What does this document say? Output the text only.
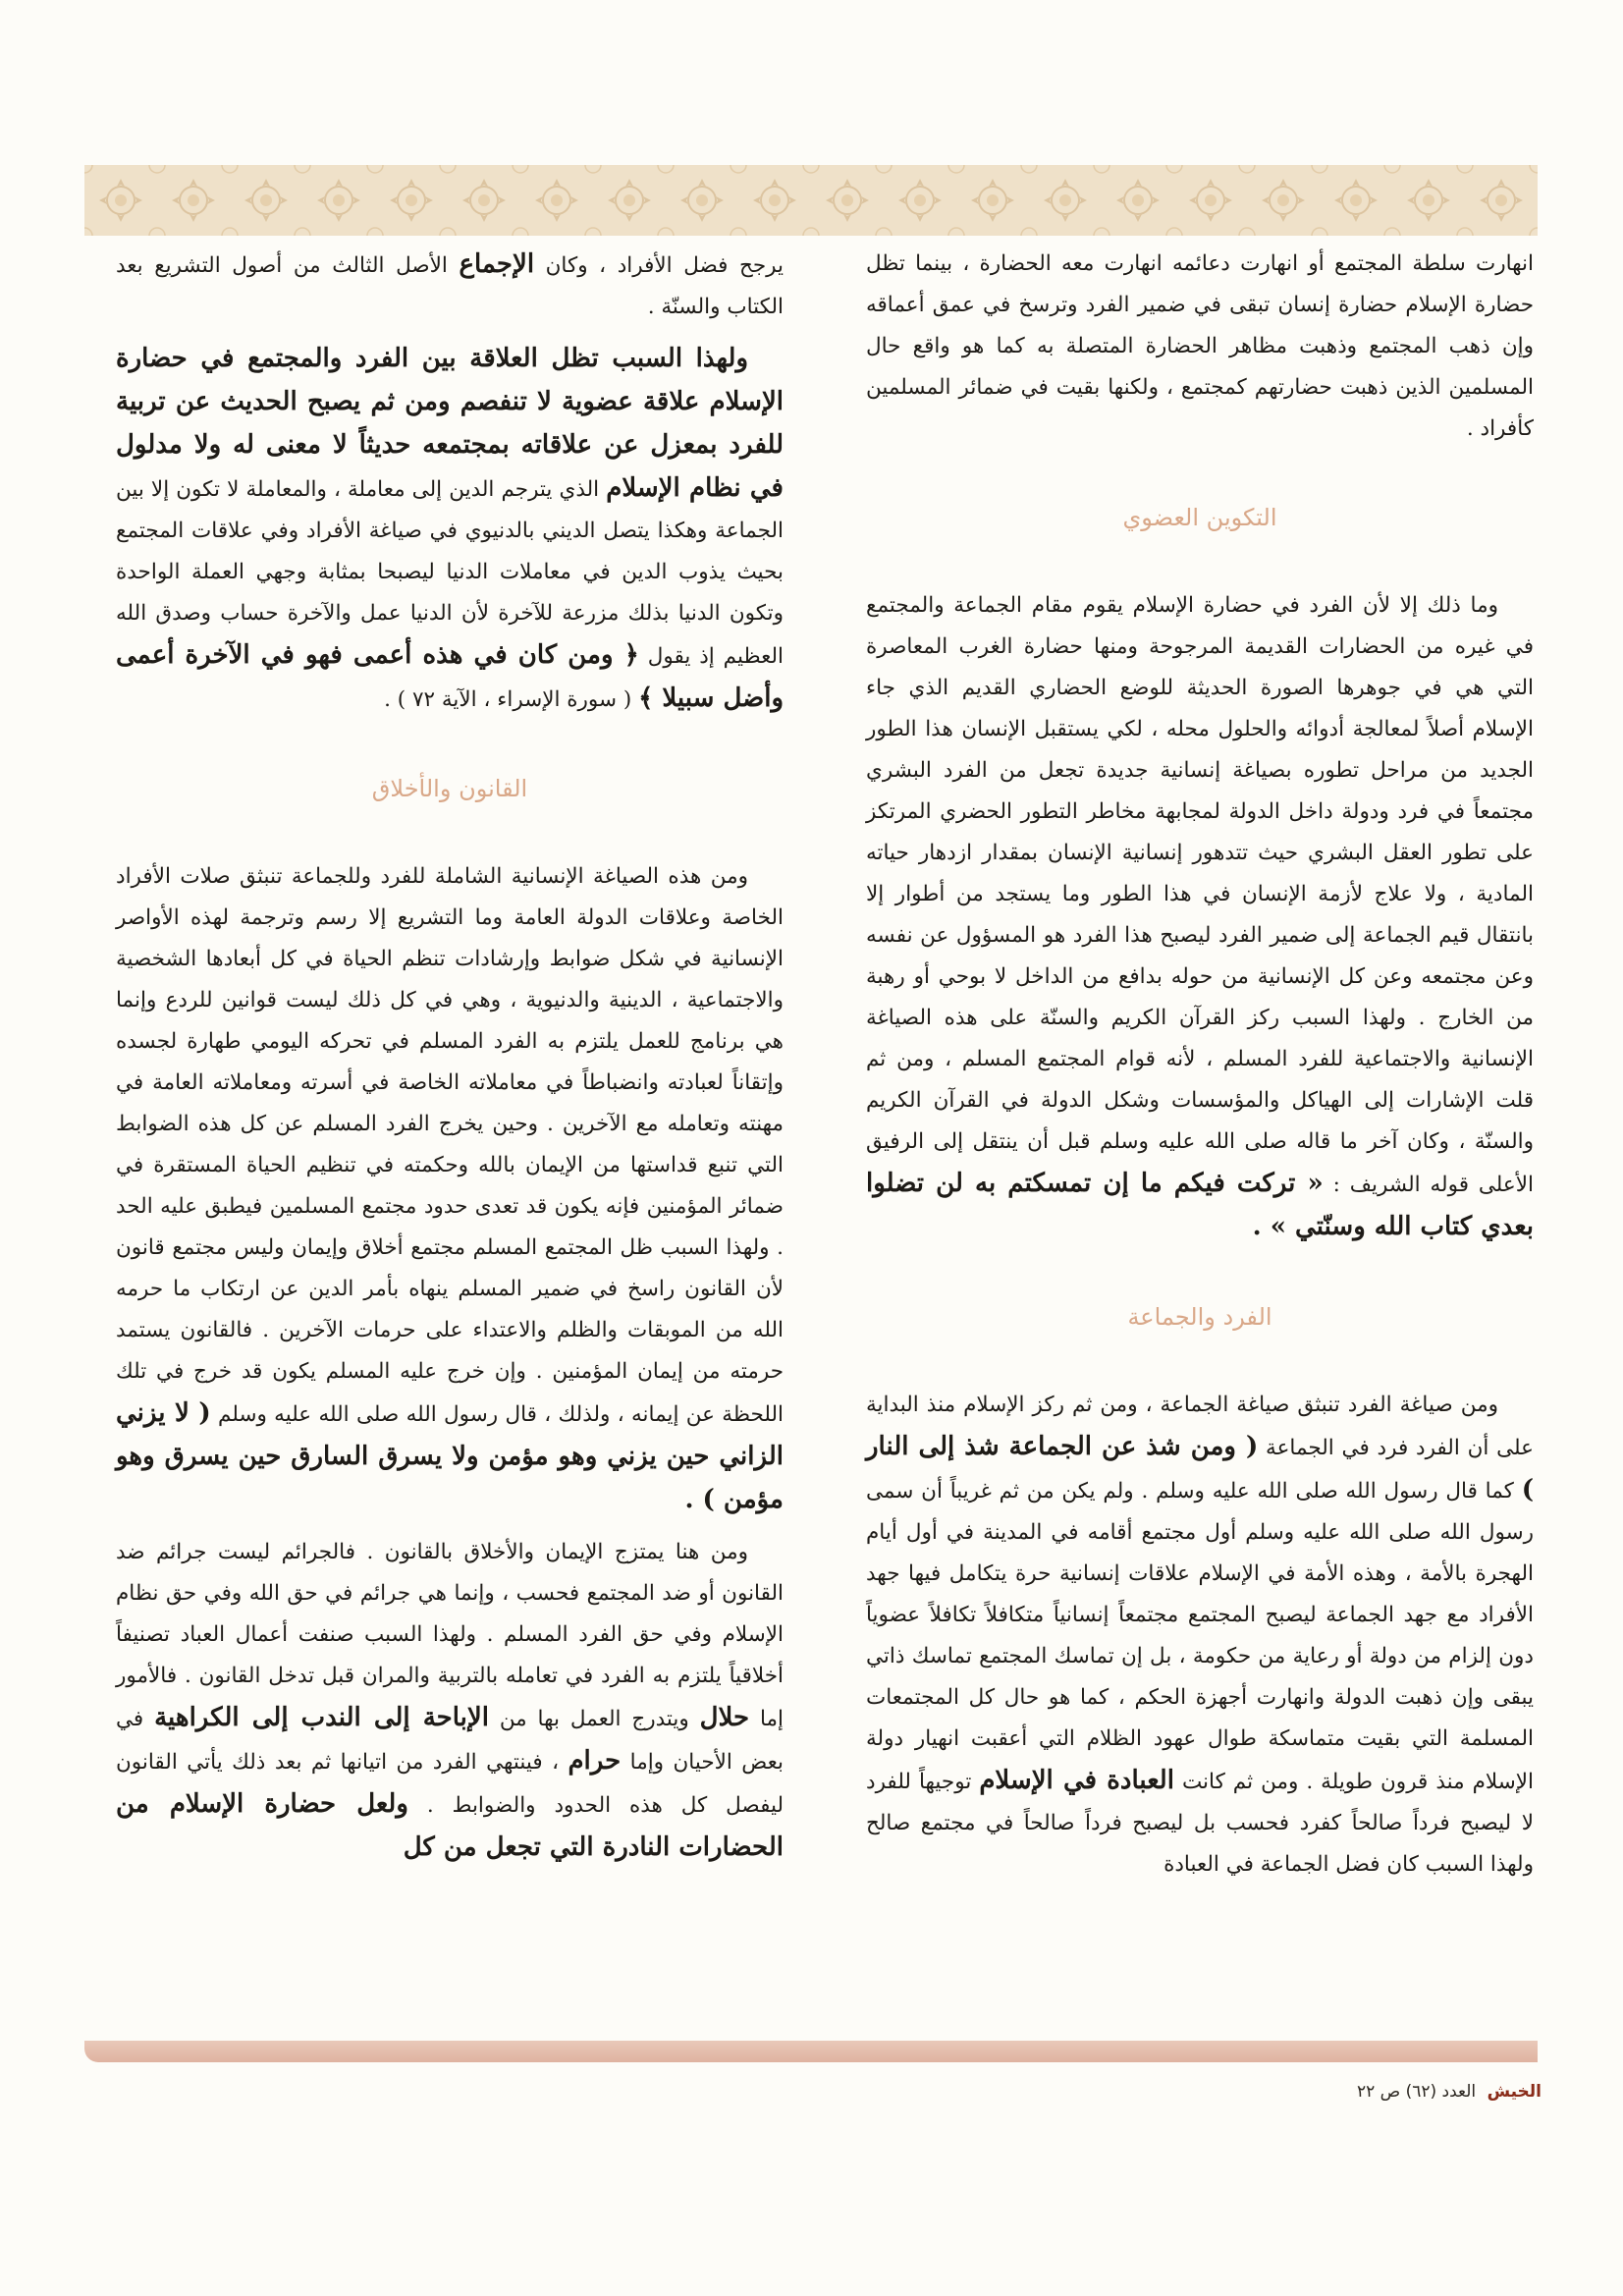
انهارت سلطة المجتمع أو انهارت دعائمه انهارت معه الحضارة ، بينما تظل حضارة الإسلام حضارة إنسان تبقى في ضمير الفرد وترسخ في عمق أعماقه وإن ذهب المجتمع وذهبت مظاهر الحضارة المتصلة به كما هو واقع حال المسلمين الذين ذهبت حضارتهم كمجتمع ، ولكنها بقيت في ضمائر المسلمين كأفراد .

التكوين العضوي

وما ذلك إلا لأن الفرد في حضارة الإسلام يقوم مقام الجماعة والمجتمع في غيره من الحضارات القديمة المرجوحة ومنها حضارة الغرب المعاصرة التي هي في جوهرها الصورة الحديثة للوضع الحضاري القديم الذي جاء الإسلام أصلاً لمعالجة أدوائه والحلول محله ، لكي يستقبل الإنسان هذا الطور الجديد من مراحل تطوره بصياغة إنسانية جديدة تجعل من الفرد البشري مجتمعاً في فرد ودولة داخل الدولة لمجابهة مخاطر التطور الحضري المرتكز على تطور العقل البشري حيث تتدهور إنسانية الإنسان بمقدار ازدهار حياته المادية ، ولا علاج لأزمة الإنسان في هذا الطور وما يستجد من أطوار إلا بانتقال قيم الجماعة إلى ضمير الفرد ليصبح هذا الفرد هو المسؤول عن نفسه وعن مجتمعه وعن كل الإنسانية من حوله بدافع من الداخل لا بوحي أو رهبة من الخارج . ولهذا السبب ركز القرآن الكريم والسنّة على هذه الصياغة الإنسانية والاجتماعية للفرد المسلم ، لأنه قوام المجتمع المسلم ، ومن ثم قلت الإشارات إلى الهياكل والمؤسسات وشكل الدولة في القرآن الكريم والسنّة ، وكان آخر ما قاله صلى الله عليه وسلم قبل أن ينتقل إلى الرفيق الأعلى قوله الشريف : « تركت فيكم ما إن تمسكتم به لن تضلوا بعدي كتاب الله وسنّتي » .

الفرد والجماعة

ومن صياغة الفرد تنبثق صياغة الجماعة ، ومن ثم ركز الإسلام منذ البداية على أن الفرد فرد في الجماعة ( ومن شذ عن الجماعة شذ إلى النار ) كما قال رسول الله صلى الله عليه وسلم . ولم يكن من ثم غريباً أن سمى رسول الله صلى الله عليه وسلم أول مجتمع أقامه في المدينة في أول أيام الهجرة بالأمة ، وهذه الأمة في الإسلام علاقات إنسانية حرة يتكامل فيها جهد الأفراد مع جهد الجماعة ليصبح المجتمع مجتمعاً إنسانياً متكافلاً تكافلاً عضوياً دون إلزام من دولة أو رعاية من حكومة ، بل إن تماسك المجتمع تماسك ذاتي يبقى وإن ذهبت الدولة وانهارت أجهزة الحكم ، كما هو حال كل المجتمعات المسلمة التي بقيت متماسكة طوال عهود الظلام التي أعقبت انهيار دولة الإسلام منذ قرون طويلة . ومن ثم كانت العبادة في الإسلام توجيهاً للفرد لا ليصبح فرداً صالحاً كفرد فحسب بل ليصبح فرداً صالحاً في مجتمع صالح ولهذا السبب كان فضل الجماعة في العبادة

يرجح فضل الأفراد ، وكان الإجماع الأصل الثالث من أصول التشريع بعد الكتاب والسنّة .

ولهذا السبب تظل العلاقة بين الفرد والمجتمع في حضارة الإسلام علاقة عضوية لا تنفصم ومن ثم يصبح الحديث عن تربية للفرد بمعزل عن علاقاته بمجتمعه حديثاً لا معنى له ولا مدلول في نظام الإسلام الذي يترجم الدين إلى معاملة ، والمعاملة لا تكون إلا بين الجماعة وهكذا يتصل الديني بالدنيوي في صياغة الأفراد وفي علاقات المجتمع بحيث يذوب الدين في معاملات الدنيا ليصبحا بمثابة وجهي العملة الواحدة وتكون الدنيا بذلك مزرعة للآخرة لأن الدنيا عمل والآخرة حساب وصدق الله العظيم إذ يقول ﴿ ومن كان في هذه أعمى فهو في الآخرة أعمى وأضل سبيلا ﴾ ( سورة الإسراء ، الآية ٧٢ ) .

القانون والأخلاق

ومن هذه الصياغة الإنسانية الشاملة للفرد وللجماعة تنبثق صلات الأفراد الخاصة وعلاقات الدولة العامة وما التشريع إلا رسم وترجمة لهذه الأواصر الإنسانية في شكل ضوابط وإرشادات تنظم الحياة في كل أبعادها الشخصية والاجتماعية ، الدينية والدنيوية ، وهي في كل ذلك ليست قوانين للردع وإنما هي برنامج للعمل يلتزم به الفرد المسلم في تحركه اليومي طهارة لجسده وإتقاناً لعبادته وانضباطاً في معاملاته الخاصة في أسرته ومعاملاته العامة في مهنته وتعامله مع الآخرين . وحين يخرج الفرد المسلم عن كل هذه الضوابط التي تنبع قداستها من الإيمان بالله وحكمته في تنظيم الحياة المستقرة في ضمائر المؤمنين فإنه يكون قد تعدى حدود مجتمع المسلمين فيطبق عليه الحد . ولهذا السبب ظل المجتمع المسلم مجتمع أخلاق وإيمان وليس مجتمع قانون لأن القانون راسخ في ضمير المسلم ينهاه بأمر الدين عن ارتكاب ما حرمه الله من الموبقات والظلم والاعتداء على حرمات الآخرين . فالقانون يستمد حرمته من إيمان المؤمنين . وإن خرج عليه المسلم يكون قد خرج في تلك اللحظة عن إيمانه ، ولذلك ، قال رسول الله صلى الله عليه وسلم ( لا يزني الزاني حين يزني وهو مؤمن ولا يسرق السارق حين يسرق وهو مؤمن ) .

ومن هنا يمتزج الإيمان والأخلاق بالقانون . فالجرائم ليست جرائم ضد القانون أو ضد المجتمع فحسب ، وإنما هي جرائم في حق الله وفي حق نظام الإسلام وفي حق الفرد المسلم . ولهذا السبب صنفت أعمال العباد تصنيفاً أخلاقياً يلتزم به الفرد في تعامله بالتربية والمران قبل تدخل القانون . فالأمور إما حلال ويتدرج العمل بها من الإباحة إلى الندب إلى الكراهية في بعض الأحيان وإما حرام ، فينتهي الفرد من اتيانها ثم بعد ذلك يأتي القانون ليفصل كل هذه الحدود والضوابط . ولعل حضارة الإسلام من الحضارات النادرة التي تجعل من كل

الخيش العدد (٦٢) ص ٢٢
